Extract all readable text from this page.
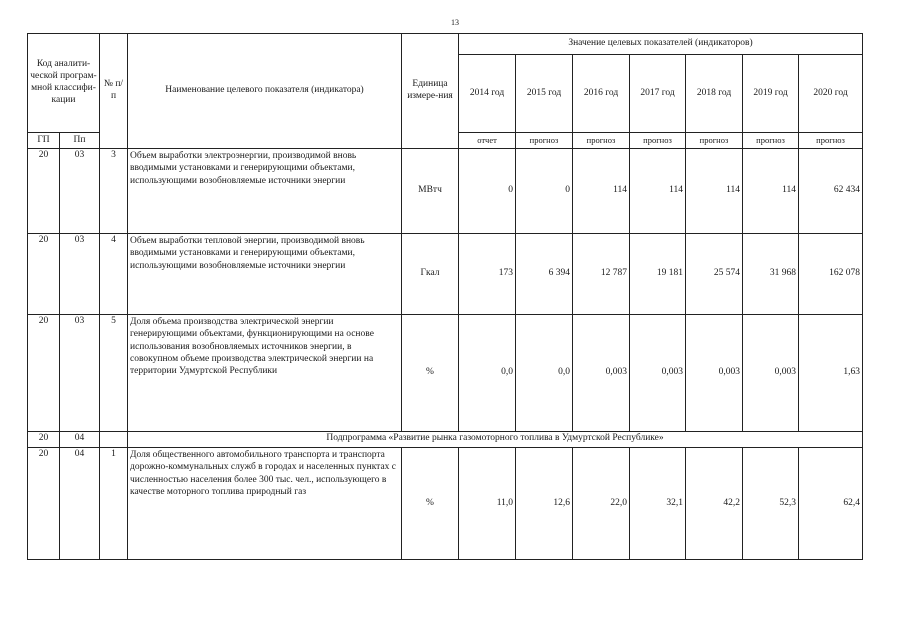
13
Код аналити-ческой програм-мной классифи-кации		№ п/п	Наименование целевого показателя (индикатора)	Единица измере-ния	Значение целевых показателей (индикаторов)						
					2014 год	2015 год	2016 год	2017 год	2018 год	2019 год	2020 год
ГП	Пп				отчет	прогноз	прогноз	прогноз	прогноз	прогноз	прогноз
20	03	3	Объем выработки электроэнергии, производимой вновь вводимыми установками и генерирующими объектами, использующими возобновляемые источники энергии	МВтч	0	0	114	114	114	114	62 434
20	03	4	Объем выработки тепловой энергии, производимой вновь вводимыми установками и генерирующими объектами, использующими возобновляемые источники энергии	Гкал	173	6 394	12 787	19 181	25 574	31 968	162 078
20	03	5	Доля объема производства электрической энергии генерирующими объектами, функционирующими на основе использования возобновляемых источников энергии, в совокупном объеме производства электрической энергии на территории Удмуртской Республики	%	0,0	0,0	0,003	0,003	0,003	0,003	1,63
20	04		Подпрограмма «Развитие рынка газомоторного топлива в Удмуртской Республике»								
20	04	1	Доля общественного автомобильного транспорта и транспорта дорожно-коммунальных служб в городах и населенных пунктах с численностью населения более 300 тыс. чел., использующего в качестве моторного топлива природный газ	%	11,0	12,6	22,0	32,1	42,2	52,3	62,4
